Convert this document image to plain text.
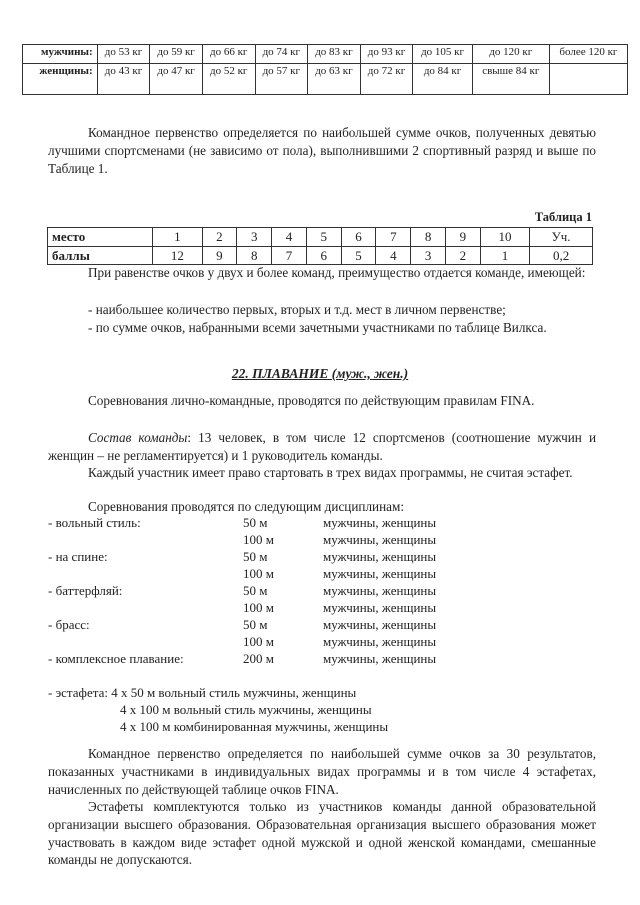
мужчины:	до 53 кг	до 59 кг	до 66 кг	до 74 кг	до 83 кг	до 93 кг	до 105 кг	до 120 кг	более 120 кг
женщины:	до 43 кг	до 47 кг	до 52 кг	до 57 кг	до 63 кг	до 72 кг	до 84 кг	свыше 84 кг	

Командное первенство определяется по наибольшей сумме очков, полученных девятью лучшими спортсменами (не зависимо от пола), выполнившими 2 спортивный разряд и выше по Таблице 1.

Таблица 1
место	1	2	3	4	5	6	7	8	9	10	Уч.
баллы	12	9	8	7	6	5	4	3	2	1	0,2

При равенстве очков у двух и более команд, преимущество отдается команде, имеющей:

- наибольшее количество первых, вторых и т.д. мест в личном первенстве;

- по сумме очков, набранными всеми зачетными участниками по таблице Вилкса.

22. ПЛАВАНИЕ (муж., жен.)

Соревнования лично-командные, проводятся по действующим правилам FINA.

Состав команды: 13 человек, в том числе 12 спортсменов (соотношение мужчин и женщин – не регламентируется) и 1 руководитель команды.

Каждый участник имеет право стартовать в трех видах программы, не считая эстафет.

Соревнования проводятся по следующим дисциплинам:

- вольный стиль:	50 м	мужчины, женщины
100 м	мужчины, женщины
- на спине:	50 м	мужчины, женщины
100 м	мужчины, женщины
- баттерфляй:	50 м	мужчины, женщины
100 м	мужчины, женщины
- брасс:	50 м	мужчины, женщины
100 м	мужчины, женщины
- комплексное плавание:	200 м	мужчины, женщины
- эстафета: 4 х 50 м вольный стиль мужчины, женщины
4 х 100 м вольный стиль мужчины, женщины
4 х 100 м комбинированная мужчины, женщины

Командное первенство определяется по наибольшей сумме очков за 30 результатов, показанных участниками в индивидуальных видах программы и в том числе 4 эстафетах, начисленных по действующей таблице очков FINA.

Эстафеты комплектуются только из участников команды данной образовательной организации высшего образования. Образовательная организация высшего образования может участвовать в каждом виде эстафет одной мужской и одной женской командами, смешанные команды не допускаются.
